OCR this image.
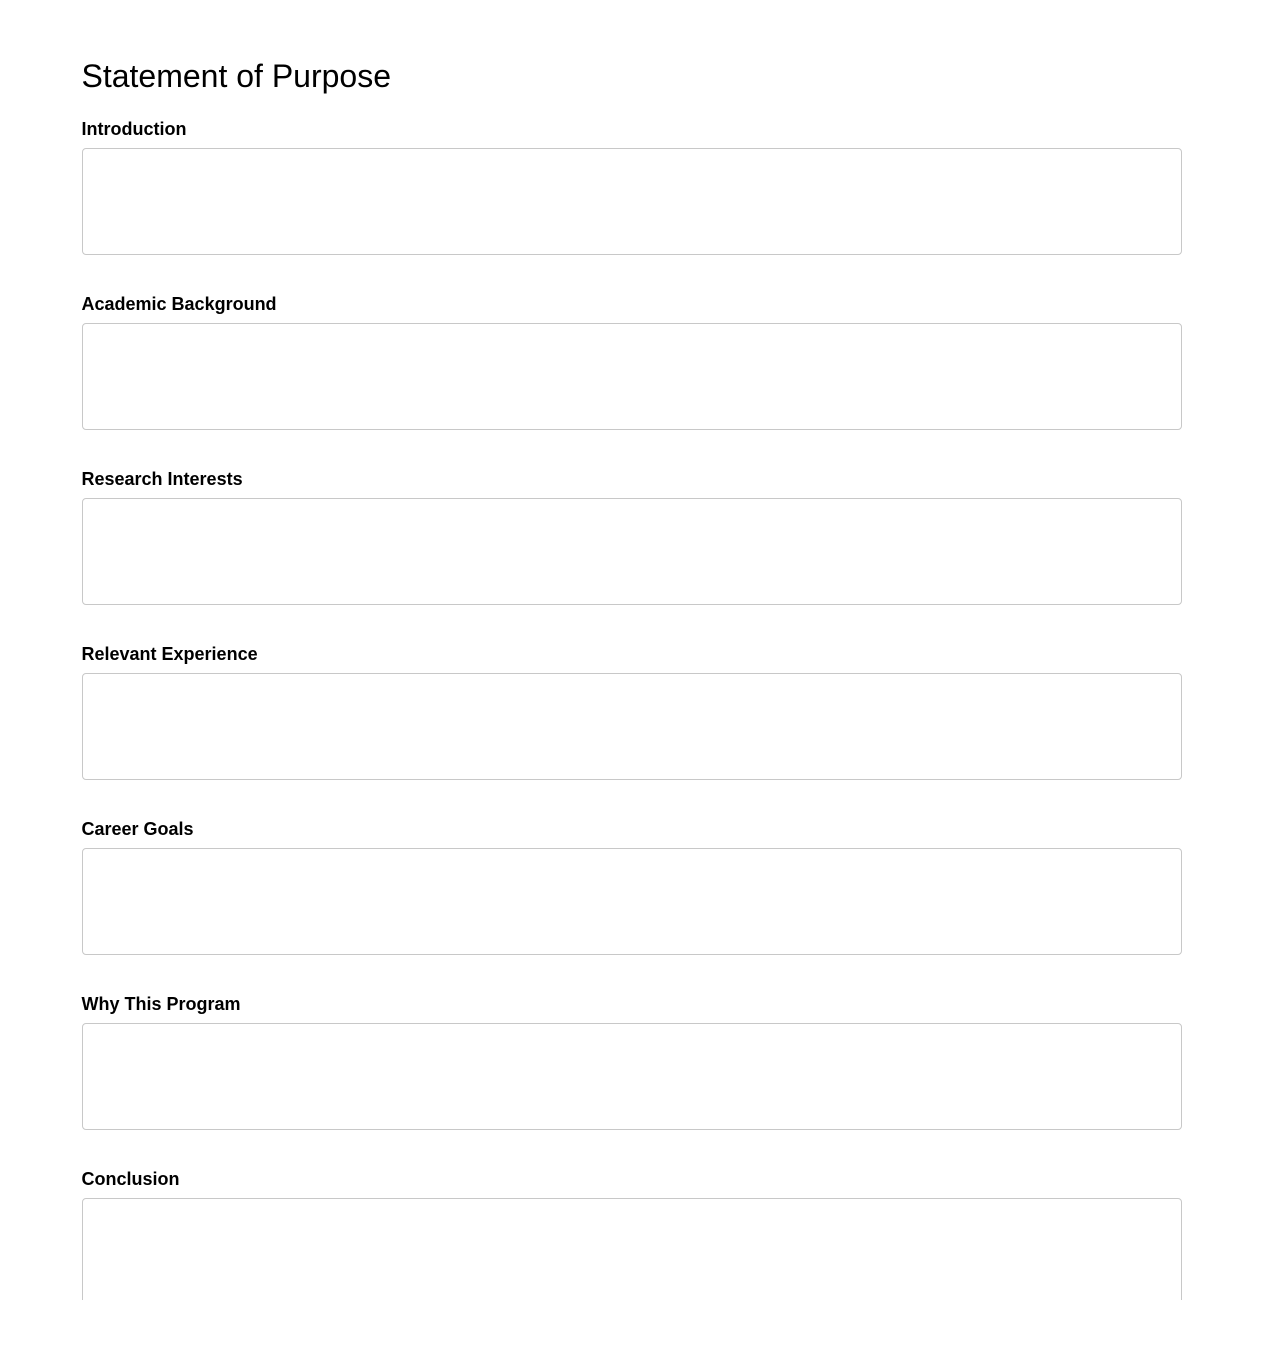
Statement of Purpose
Introduction
Academic Background
Research Interests
Relevant Experience
Career Goals
Why This Program
Conclusion
